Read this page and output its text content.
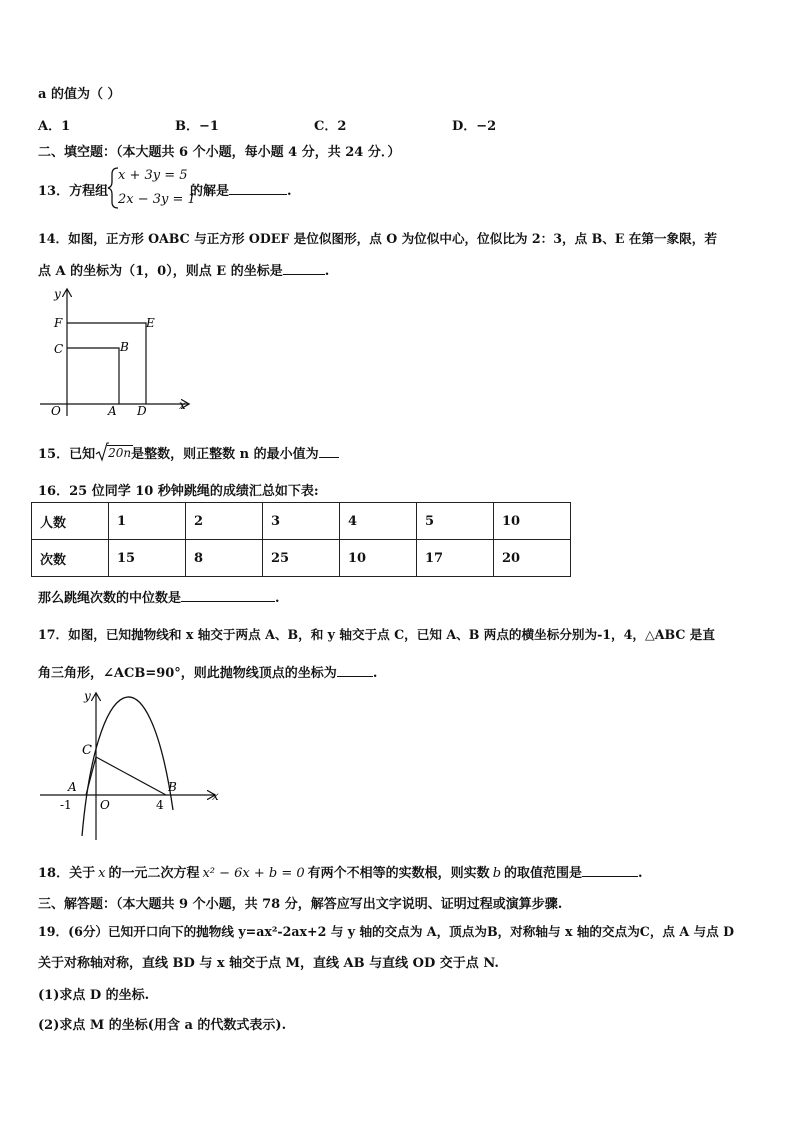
a 的值为（ ）
A．1	B．−1	C．2	D．−2
二、填空题：（本大题共 6 个小题，每小题 4 分，共 24 分．）
13．方程组
x + 3y = 5
2x − 3y = 1
的解是	.
14．如图，正方形 OABC 与正方形 ODEF 是位似图形，点 O 为位似中心，位似比为 2：3，点 B、E 在第一象限，若
点 A 的坐标为（1，0），则点 E 的坐标是	.
y
x
F	E
C	B
O	A D
15．已知 20n 是整数，则正整数 n 的最小值为
16．25 位同学 10 秒钟跳绳的成绩汇总如下表:
人数	1	2	3	4	5	10
次数	15	8	25	10	17	20
那么跳绳次数的中位数是	.
17．如图，已知抛物线和 x 轴交于两点 A、B，和 y 轴交于点 C，已知 A、B 两点的横坐标分别为-1，4，△ABC 是直
角三角形，∠ACB=90°，则此抛物线顶点的坐标为	.
y
x
C
A	B
O
-1	4
18．关于 x 的一元二次方程 x² − 6x + b = 0 有两个不相等的实数根，则实数 b 的取值范围是	.
三、解答题：（本大题共 9 个小题，共 78 分，解答应写出文字说明、证明过程或演算步骤.
19．(6分）已知开口向下的抛物线 y=ax²-2ax+2 与 y 轴的交点为 A，顶点为B，对称轴与 x 轴的交点为C，点 A 与点 D
关于对称轴对称，直线 BD 与 x 轴交于点 M，直线 AB 与直线 OD 交于点 N.
(1)求点 D 的坐标.
(2)求点 M 的坐标(用含 a 的代数式表示).
